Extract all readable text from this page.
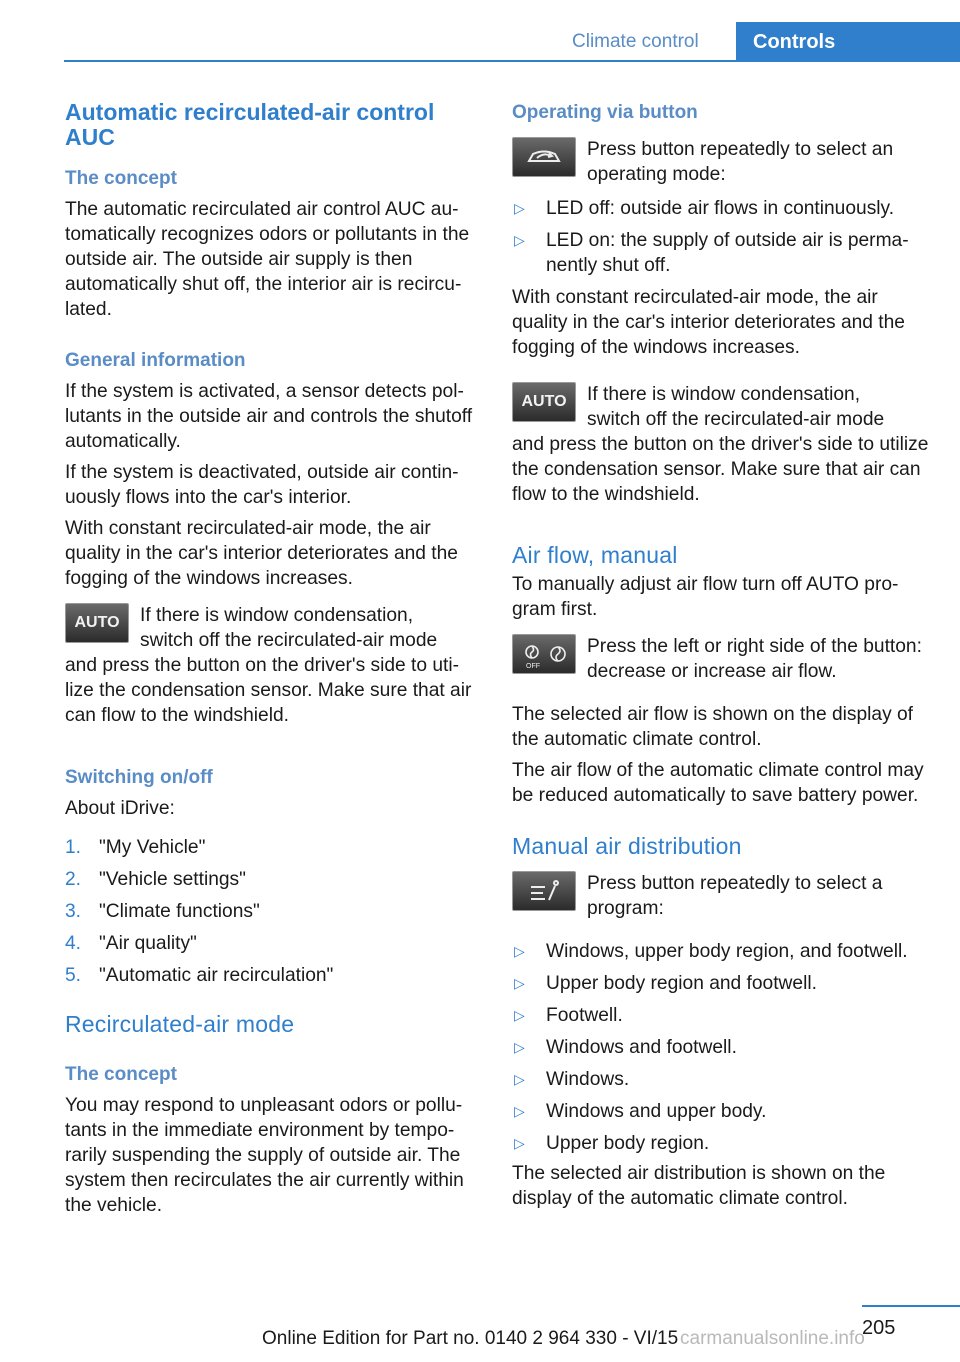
Climate control	Controls
Automatic recirculated-air control AUC
The concept

The automatic recirculated air control AUC automatically recognizes odors or pollutants in the outside air. The outside air supply is then automatically shut off, the interior air is recirculated.

General information

If the system is activated, a sensor detects pollutants in the outside air and controls the shutoff automatically.

If the system is deactivated, outside air continuously flows into the car's interior.

With constant recirculated-air mode, the air quality in the car's interior deteriorates and the fogging of the windows increases.

AUTO	If there is window condensation,

switch off the recirculated-air mode

and press the button on the driver's side to utilize the condensation sensor. Make sure that air can flow to the windshield.

Switching on/off

About iDrive:

1. "My Vehicle"
2. "Vehicle settings"
3. "Climate functions"
4. "Air quality"
5. "Automatic air recirculation"
Recirculated-air mode
The concept

You may respond to unpleasant odors or pollutants in the immediate environment by temporarily suspending the supply of outside air. The system then recirculates the air currently within the vehicle.

Operating via button

Press button repeatedly to select an operating mode:

▷ LED off: outside air flows in continuously.
▷ LED on: the supply of outside air is permanently shut off.

With constant recirculated-air mode, the air quality in the car's interior deteriorates and the fogging of the windows increases.

AUTO	If there is window condensation,

switch off the recirculated-air mode

and press the button on the driver's side to utilize the condensation sensor. Make sure that air can flow to the windshield.

Air flow, manual

To manually adjust air flow turn off AUTO program first.

OFF

Press the left or right side of the button: decrease or increase air flow.

The selected air flow is shown on the display of the automatic climate control.

The air flow of the automatic climate control may be reduced automatically to save battery power.

Manual air distribution

Press button repeatedly to select a program:

▷ Windows, upper body region, and footwell.
▷ Upper body region and footwell.
▷ Footwell.
▷ Windows and footwell.
▷ Windows.
▷ Windows and upper body.
▷ Upper body region.

The selected air distribution is shown on the display of the automatic climate control.

205
Online Edition for Part no. 0140 2 964 330 - VI/15 carmanualsonline.info
